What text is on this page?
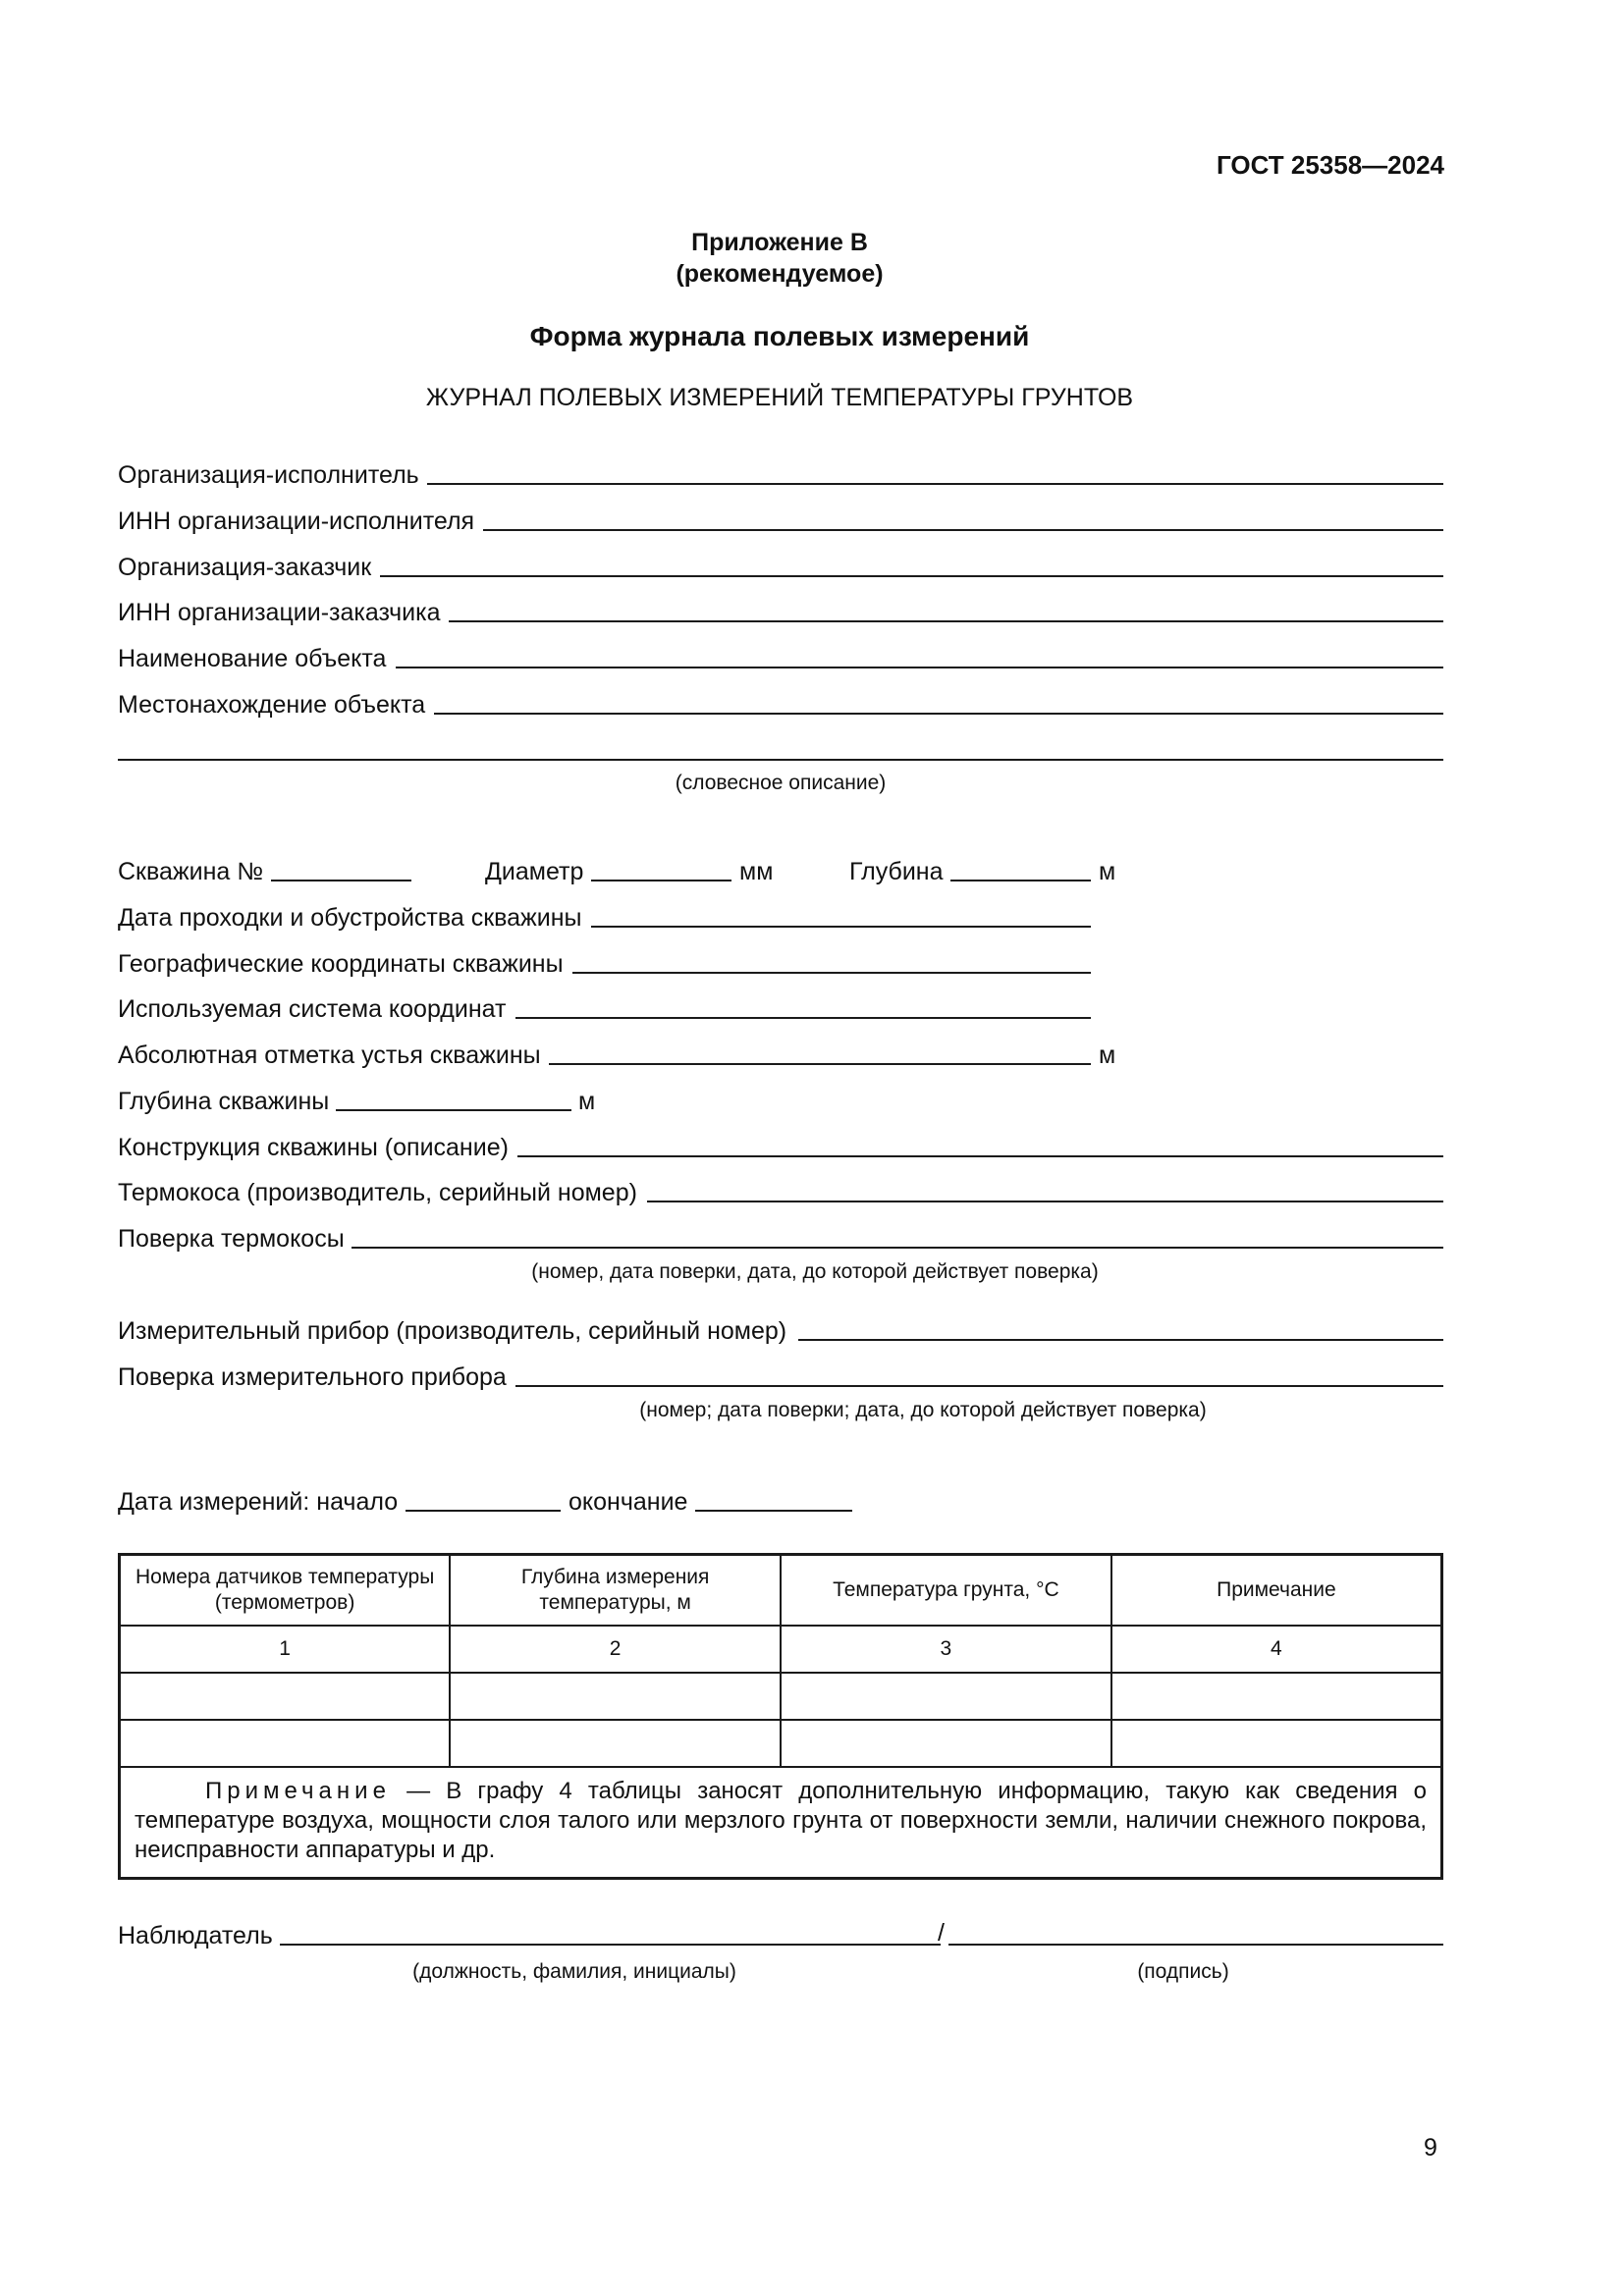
ГОСТ 25358—2024
Приложение В
(рекомендуемое)
Форма журнала полевых измерений
ЖУРНАЛ ПОЛЕВЫХ ИЗМЕРЕНИЙ ТЕМПЕРАТУРЫ ГРУНТОВ
Организация-исполнитель
ИНН организации-исполнителя
Организация-заказчик
ИНН организации-заказчика
Наименование объекта
Местонахождение объекта
(словесное описание)
Скважина №	Диаметр	мм	Глубина	м
Дата проходки и обустройства скважины
Географические координаты скважины
Используемая система координат
Абсолютная отметка устья скважины	м
Глубина скважины	м
Конструкция скважины (описание)
Термокоса (производитель, серийный номер)
Поверка термокосы
(номер, дата поверки, дата, до которой действует поверка)
Измерительный прибор (производитель, серийный номер)
Поверка измерительного прибора
(номер; дата поверки; дата, до которой действует поверка)
Дата измерений: начало	окончание
Номера датчиков температуры (термометров)	Глубина измерения температуры, м	Температура грунта, °С	Примечание
1	2	3	4

Примечание — В графу 4 таблицы заносят дополнительную информацию, такую как сведения о температуре воздуха, мощности слоя талого или мерзлого грунта от поверхности земли, наличии снежного покрова, неисправности аппаратуры и др.			
Наблюдатель	/
(должность, фамилия, инициалы)	(подпись)
9
